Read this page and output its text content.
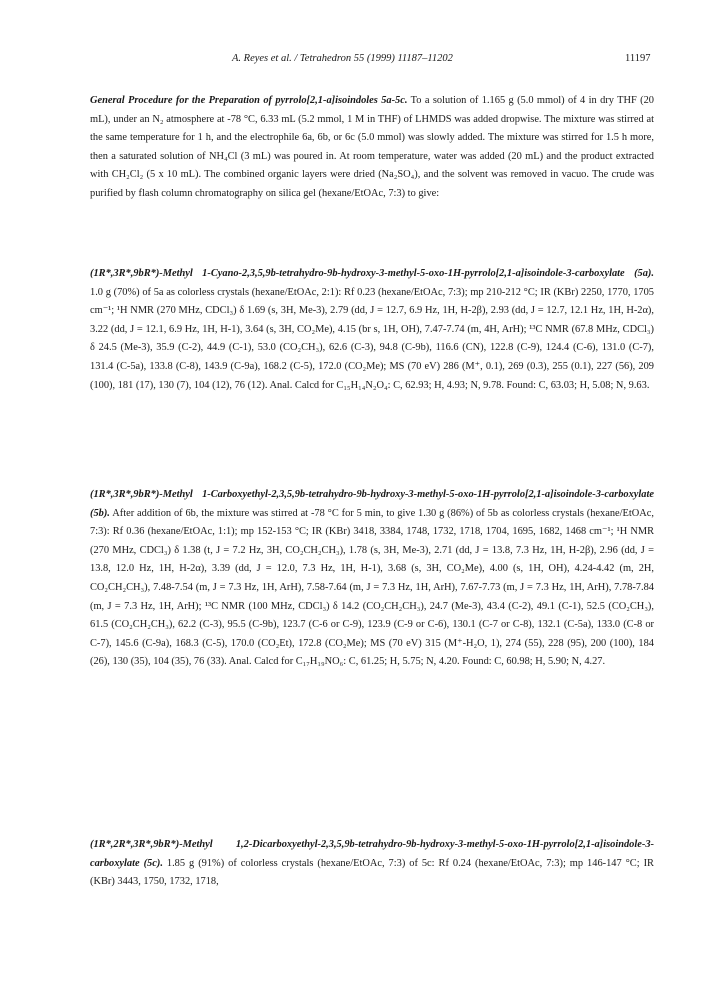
A. Reyes et al. / Tetrahedron 55 (1999) 11187–11202	11197

General Procedure for the Preparation of pyrrolo[2,1-a]isoindoles 5a-5c. To a solution of 1.165 g (5.0 mmol) of 4 in dry THF (20 mL), under an N₂ atmosphere at -78 °C, 6.33 mL (5.2 mmol, 1 M in THF) of LHMDS was added dropwise. The mixture was stirred at the same temperature for 1 h, and the electrophile 6a, 6b, or 6c (5.0 mmol) was slowly added. The mixture was stirred for 1.5 h more, then a saturated solution of NH₄Cl (3 mL) was poured in. At room temperature, water was added (20 mL) and the product extracted with CH₂Cl₂ (5 x 10 mL). The combined organic layers were dried (Na₂SO₄), and the solvent was removed in vacuo. The crude was purified by flash column chromatography on silica gel (hexane/EtOAc, 7:3) to give:

(1R*,3R*,9bR*)-Methyl 1-Cyano-2,3,5,9b-tetrahydro-9b-hydroxy-3-methyl-5-oxo-1H-pyrrolo[2,1-a]isoindole-3-carboxylate (5a). 1.0 g (70%) of 5a as colorless crystals (hexane/EtOAc, 2:1): Rf 0.23 (hexane/EtOAc, 7:3); mp 210-212 °C; IR (KBr) 2250, 1770, 1705 cm⁻¹; ¹H NMR (270 MHz, CDCl₃) δ 1.69 (s, 3H, Me-3), 2.79 (dd, J = 12.7, 6.9 Hz, 1H, H-2β), 2.93 (dd, J = 12.7, 12.1 Hz, 1H, H-2α), 3.22 (dd, J = 12.1, 6.9 Hz, 1H, H-1), 3.64 (s, 3H, CO₂Me), 4.15 (br s, 1H, OH), 7.47-7.74 (m, 4H, ArH); ¹³C NMR (67.8 MHz, CDCl₃) δ 24.5 (Me-3), 35.9 (C-2), 44.9 (C-1), 53.0 (CO₂CH₃), 62.6 (C-3), 94.8 (C-9b), 116.6 (CN), 122.8 (C-9), 124.4 (C-6), 131.0 (C-7), 131.4 (C-5a), 133.8 (C-8), 143.9 (C-9a), 168.2 (C-5), 172.0 (CO₂Me); MS (70 eV) 286 (M⁺, 0.1), 269 (0.3), 255 (0.1), 227 (56), 209 (100), 181 (17), 130 (7), 104 (12), 76 (12). Anal. Calcd for C₁₅H₁₄N₂O₄: C, 62.93; H, 4.93; N, 9.78. Found: C, 63.03; H, 5.08; N, 9.63.

(1R*,3R*,9bR*)-Methyl 1-Carboxyethyl-2,3,5,9b-tetrahydro-9b-hydroxy-3-methyl-5-oxo-1H-pyrrolo[2,1-a]isoindole-3-carboxylate (5b). After addition of 6b, the mixture was stirred at -78 °C for 5 min, to give 1.30 g (86%) of 5b as colorless crystals (hexane/EtOAc, 7:3): Rf 0.36 (hexane/EtOAc, 1:1); mp 152-153 °C; IR (KBr) 3418, 3384, 1748, 1732, 1718, 1704, 1695, 1682, 1468 cm⁻¹; ¹H NMR (270 MHz, CDCl₃) δ 1.38 (t, J = 7.2 Hz, 3H, CO₂CH₂CH₃), 1.78 (s, 3H, Me-3), 2.71 (dd, J = 13.8, 7.3 Hz, 1H, H-2β), 2.96 (dd, J = 13.8, 12.0 Hz, 1H, H-2α), 3.39 (dd, J = 12.0, 7.3 Hz, 1H, H-1), 3.68 (s, 3H, CO₂Me), 4.00 (s, 1H, OH), 4.24-4.42 (m, 2H, CO₂CH₂CH₃), 7.48-7.54 (m, J = 7.3 Hz, 1H, ArH), 7.58-7.64 (m, J = 7.3 Hz, 1H, ArH), 7.67-7.73 (m, J = 7.3 Hz, 1H, ArH), 7.78-7.84 (m, J = 7.3 Hz, 1H, ArH); ¹³C NMR (100 MHz, CDCl₃) δ 14.2 (CO₂CH₂CH₃), 24.7 (Me-3), 43.4 (C-2), 49.1 (C-1), 52.5 (CO₂CH₃), 61.5 (CO₂CH₂CH₃), 62.2 (C-3), 95.5 (C-9b), 123.7 (C-6 or C-9), 123.9 (C-9 or C-6), 130.1 (C-7 or C-8), 132.1 (C-5a), 133.0 (C-8 or C-7), 145.6 (C-9a), 168.3 (C-5), 170.0 (CO₂Et), 172.8 (CO₂Me); MS (70 eV) 315 (M⁺-H₂O, 1), 274 (55), 228 (95), 200 (100), 184 (26), 130 (35), 104 (35), 76 (33). Anal. Calcd for C₁₇H₁₉NO₆: C, 61.25; H, 5.75; N, 4.20. Found: C, 60.98; H, 5.90; N, 4.27.

(1R*,2R*,3R*,9bR*)-Methyl 1,2-Dicarboxyethyl-2,3,5,9b-tetrahydro-9b-hydroxy-3-methyl-5-oxo-1H-pyrrolo[2,1-a]isoindole-3-carboxylate (5c). 1.85 g (91%) of colorless crystals (hexane/EtOAc, 7:3) of 5c: Rf 0.24 (hexane/EtOAc, 7:3); mp 146-147 °C; IR (KBr) 3443, 1750, 1732, 1718,
